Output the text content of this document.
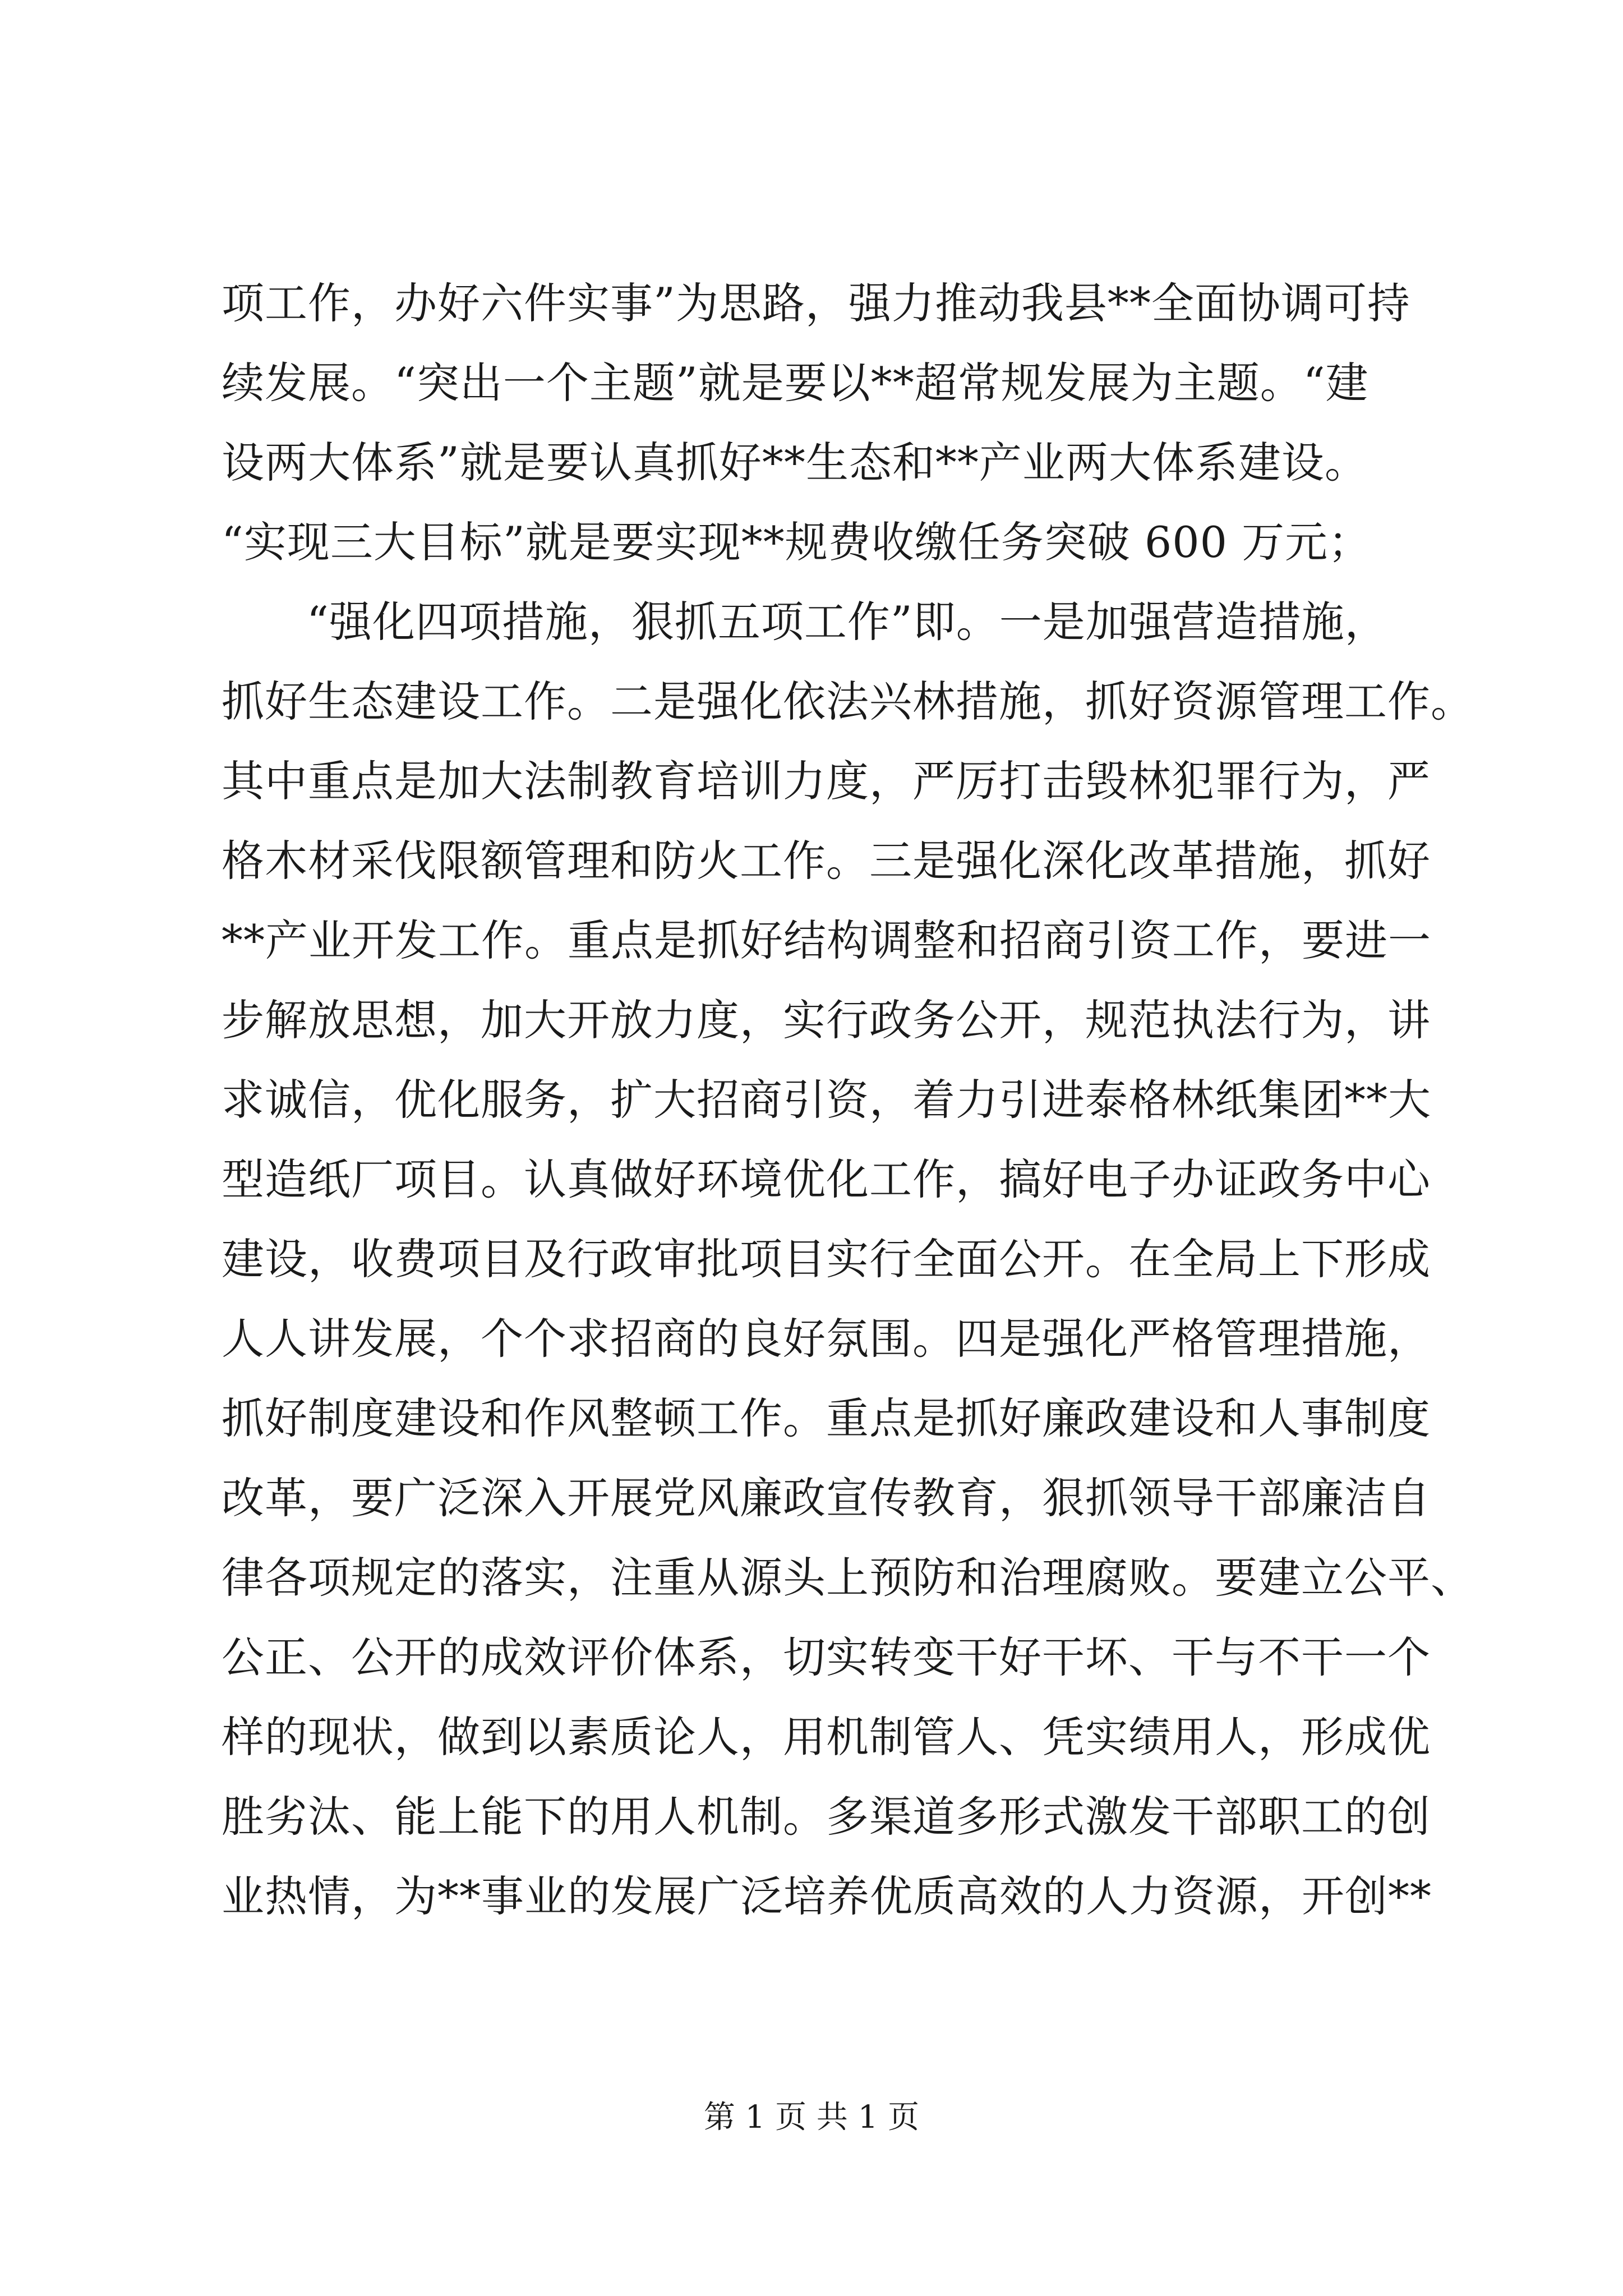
项工作，办好六件实事”为思路，强力推动我县**全面协调可持
续发展。“突出一个主题”就是要以**超常规发展为主题。“建
设两大体系”就是要认真抓好**生态和**产业两大体系建设。
“实现三大目标”就是要实现**规费收缴任务突破 600 万元；
“强化四项措施，狠抓五项工作”即。一是加强营造措施，
抓好生态建设工作。二是强化依法兴林措施，抓好资源管理工作。
其中重点是加大法制教育培训力度，严厉打击毁林犯罪行为，严
格木材采伐限额管理和防火工作。三是强化深化改革措施，抓好
**产业开发工作。重点是抓好结构调整和招商引资工作，要进一
步解放思想，加大开放力度，实行政务公开，规范执法行为，讲
求诚信，优化服务，扩大招商引资，着力引进泰格林纸集团**大
型造纸厂项目。认真做好环境优化工作，搞好电子办证政务中心
建设，收费项目及行政审批项目实行全面公开。在全局上下形成
人人讲发展，个个求招商的良好氛围。四是强化严格管理措施，
抓好制度建设和作风整顿工作。重点是抓好廉政建设和人事制度
改革，要广泛深入开展党风廉政宣传教育，狠抓领导干部廉洁自
律各项规定的落实，注重从源头上预防和治理腐败。要建立公平、
公正、公开的成效评价体系，切实转变干好干坏、干与不干一个
样的现状，做到以素质论人，用机制管人、凭实绩用人，形成优
胜劣汰、能上能下的用人机制。多渠道多形式激发干部职工的创
业热情，为**事业的发展广泛培养优质高效的人力资源，开创**
第 1 页 共 1 页
